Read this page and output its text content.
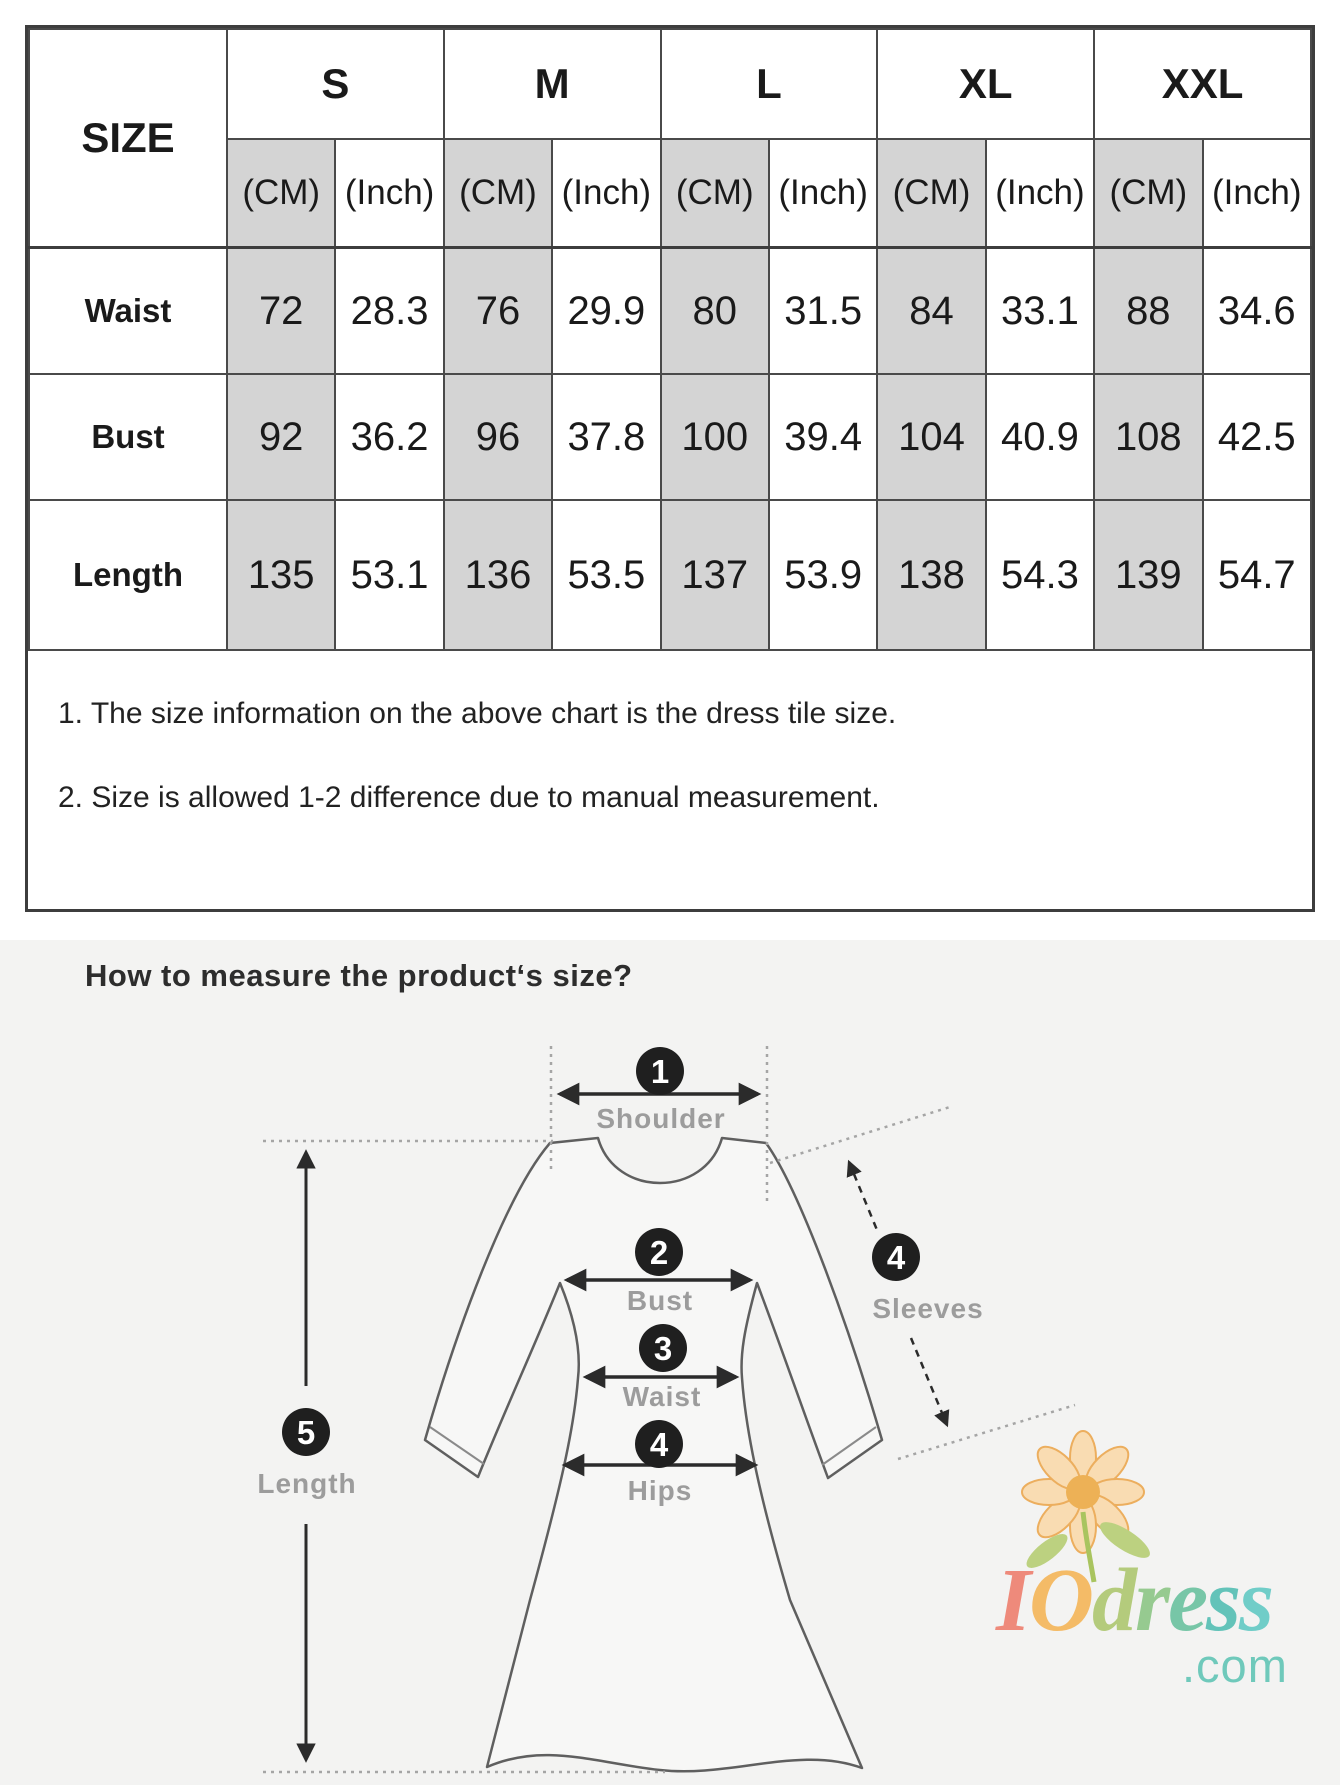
SIZE	S		M		L		XL		XXL	
	(CM)	(Inch)	(CM)	(Inch)	(CM)	(Inch)	(CM)	(Inch)	(CM)	(Inch)
Waist	72	28.3	76	29.9	80	31.5	84	33.1	88	34.6
Bust	92	36.2	96	37.8	100	39.4	104	40.9	108	42.5
Length	135	53.1	136	53.5	137	53.9	138	54.3	139	54.7
1. The size information on the above chart is the dress tile size.
2. Size is allowed 1-2 difference due to manual measurement.
1
2
3
4
4
5
Shoulder
Bust
Waist
Hips
Sleeves
Length
How to measure the product‘s size?
IOdress
.com
